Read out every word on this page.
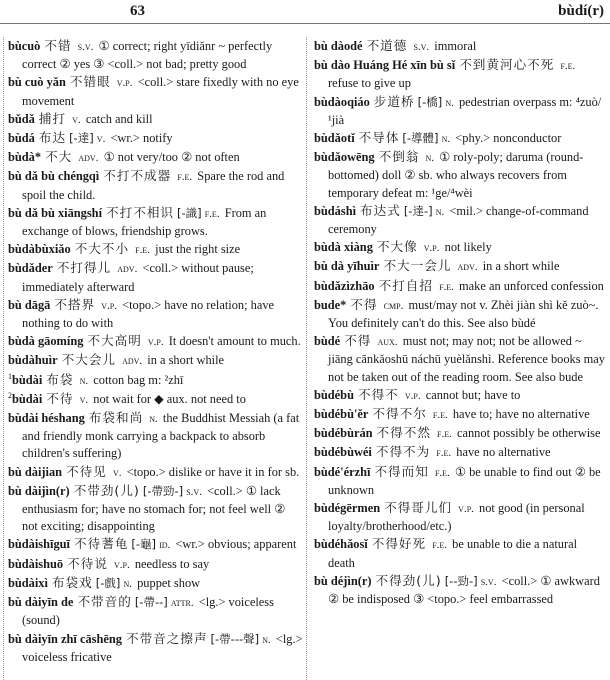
63	bùdí(r)

bùcuò 不错 s.v. ① correct; right yīdiǎnr ~ perfectly correct ② yes ③ <coll.> not bad; pretty good

bù cuò yǎn 不错眼 v.p. <coll.> stare fixedly with no eye movement

bǔdǎ 捕打 v. catch and kill

bùdá 布达 [-達] v. <wr.> notify

bùdà* 不大 adv. ① not very/too ② not often

bù dǎ bù chéngqì 不打不成器 f.e. Spare the rod and spoil the child.

bù dǎ bù xiāngshí 不打不相识 [-識] f.e. From an exchange of blows, friendship grows.

bùdàbùxiǎo 不大不小 f.e. just the right size

bùdǎder 不打得儿 adv. <coll.> without pause; immediately afterward

bù dāgā 不搭界 v.p. <topo.> have no relation; have nothing to do with

bùdà gāomíng 不大高明 v.p. It doesn't amount to much.

bùdàhuìr 不大会儿 adv. in a short while

$^1$bùdài 布袋 n. cotton bag m: ²zhī

$^2$bùdài 不待 v. not wait for ◆ aux. not need to

bùdài héshang 布袋和尚 n. the Buddhist Messiah (a fat and friendly monk carrying a backpack to absorb children's suffering)

bù dàijian 不待见 v. <topo.> dislike or have it in for sb.

bù dàijìn(r) 不带劲(儿) [-帶勁-] s.v. <coll.> ① lack enthusiasm for; have no stomach for; not feel well ② not exciting; disappointing

bùdàishīguī 不待蓍龟 [-龜] id. <wr.> obvious; apparent

bùdàishuō 不待说 v.p. needless to say

bùdàixì 布袋戏 [-戲] n. puppet show

bù dàiyīn de 不带音的 [-帶--] attr. <lg.> voiceless (sound)

bù dàiyīn zhī cāshēng 不带音之擦声 [-帶---聲] n. <lg.> voiceless fricative

bù dàodé 不道德 s.v. immoral

bù dào Huáng Hé xīn bù sǐ 不到黄河心不死 f.e. refuse to give up

bùdàoqiáo 步道桥 [-橋] n. pedestrian overpass m: ⁴zuò/¹jià

bùdǎotǐ 不导体 [-導體] n. <phy.> nonconductor

bùdǎowēng 不倒翁 n. ① roly-poly; daruma (round-bottomed) doll ② sb. who always recovers from temporary defeat m: ¹ge/⁴wèi

bùdáshì 布达式 [-達-] n. <mil.> change-of-command ceremony

bùdà xiàng 不大像 v.p. not likely

bù dà yīhuìr 不大一会儿 adv. in a short while

bùdǎzìzhāo 不打自招 f.e. make an unforced confession

bude* 不得 cmp. must/may not v. Zhèi jiàn shì kě zuò~. You definitely can't do this. See also bùdé

bùdé 不得 aux. must not; may not; not be allowed ~ jiāng cānkǎoshū náchū yuèlǎnshì. Reference books may not be taken out of the reading room. See also bude

bùdébù 不得不 v.p. cannot but; have to

bùdébù'ěr 不得不尔 f.e. have to; have no alternative

bùdébùrán 不得不然 f.e. cannot possibly be otherwise

bùdébùwéi 不得不为 f.e. have no alternative

bùdé'érzhī 不得而知 f.e. ① be unable to find out ② be unknown

bùdégērmen 不得哥儿们 v.p. not good (in personal loyalty/brotherhood/etc.)

bùdéhǎosǐ 不得好死 f.e. be unable to die a natural death

bù déjìn(r) 不得劲(儿) [--勁-] s.v. <coll.> ① awkward ② be indisposed ③ <topo.> feel embarrassed
